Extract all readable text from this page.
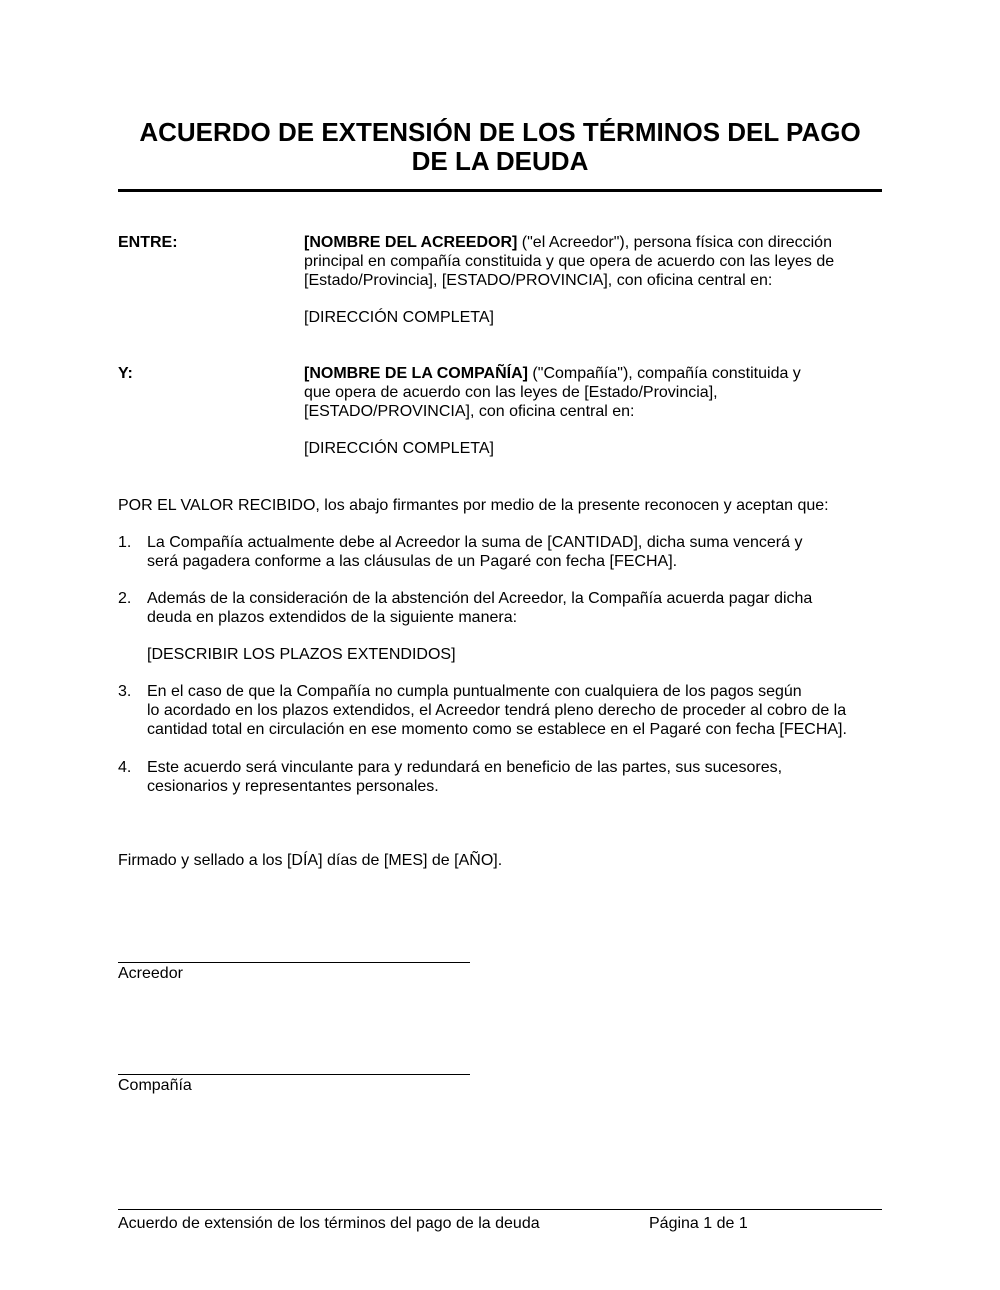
ACUERDO DE EXTENSIÓN DE LOS TÉRMINOS DEL PAGO
DE LA DEUDA
ENTRE:	[NOMBRE DEL ACREEDOR] ("el Acreedor"), persona física con dirección
principal en compañía constituida y que opera de acuerdo con las leyes de
[Estado/Provincia], [ESTADO/PROVINCIA], con oficina central en:
[DIRECCIÓN COMPLETA]
Y:	[NOMBRE DE LA COMPAÑÍA] ("Compañía"), compañía constituida y
que opera de acuerdo con las leyes de [Estado/Provincia],
[ESTADO/PROVINCIA], con oficina central en:
[DIRECCIÓN COMPLETA]
POR EL VALOR RECIBIDO, los abajo firmantes por medio de la presente reconocen y aceptan que:
1. La Compañía actualmente debe al Acreedor la suma de [CANTIDAD], dicha suma vencerá y
será pagadera conforme a las cláusulas de un Pagaré con fecha [FECHA].
2. Además de la consideración de la abstención del Acreedor, la Compañía acuerda pagar dicha
deuda en plazos extendidos de la siguiente manera:
[DESCRIBIR LOS PLAZOS EXTENDIDOS]
3. En el caso de que la Compañía no cumpla puntualmente con cualquiera de los pagos según
lo acordado en los plazos extendidos, el Acreedor tendrá pleno derecho de proceder al cobro de la
cantidad total en circulación en ese momento como se establece en el Pagaré con fecha [FECHA].
4. Este acuerdo será vinculante para y redundará en beneficio de las partes, sus sucesores,
cesionarios y representantes personales.
Firmado y sellado a los [DÍA] días de [MES] de [AÑO].
Acreedor
Compañía
Acuerdo de extensión de los términos del pago de la deuda	Página 1 de 1
